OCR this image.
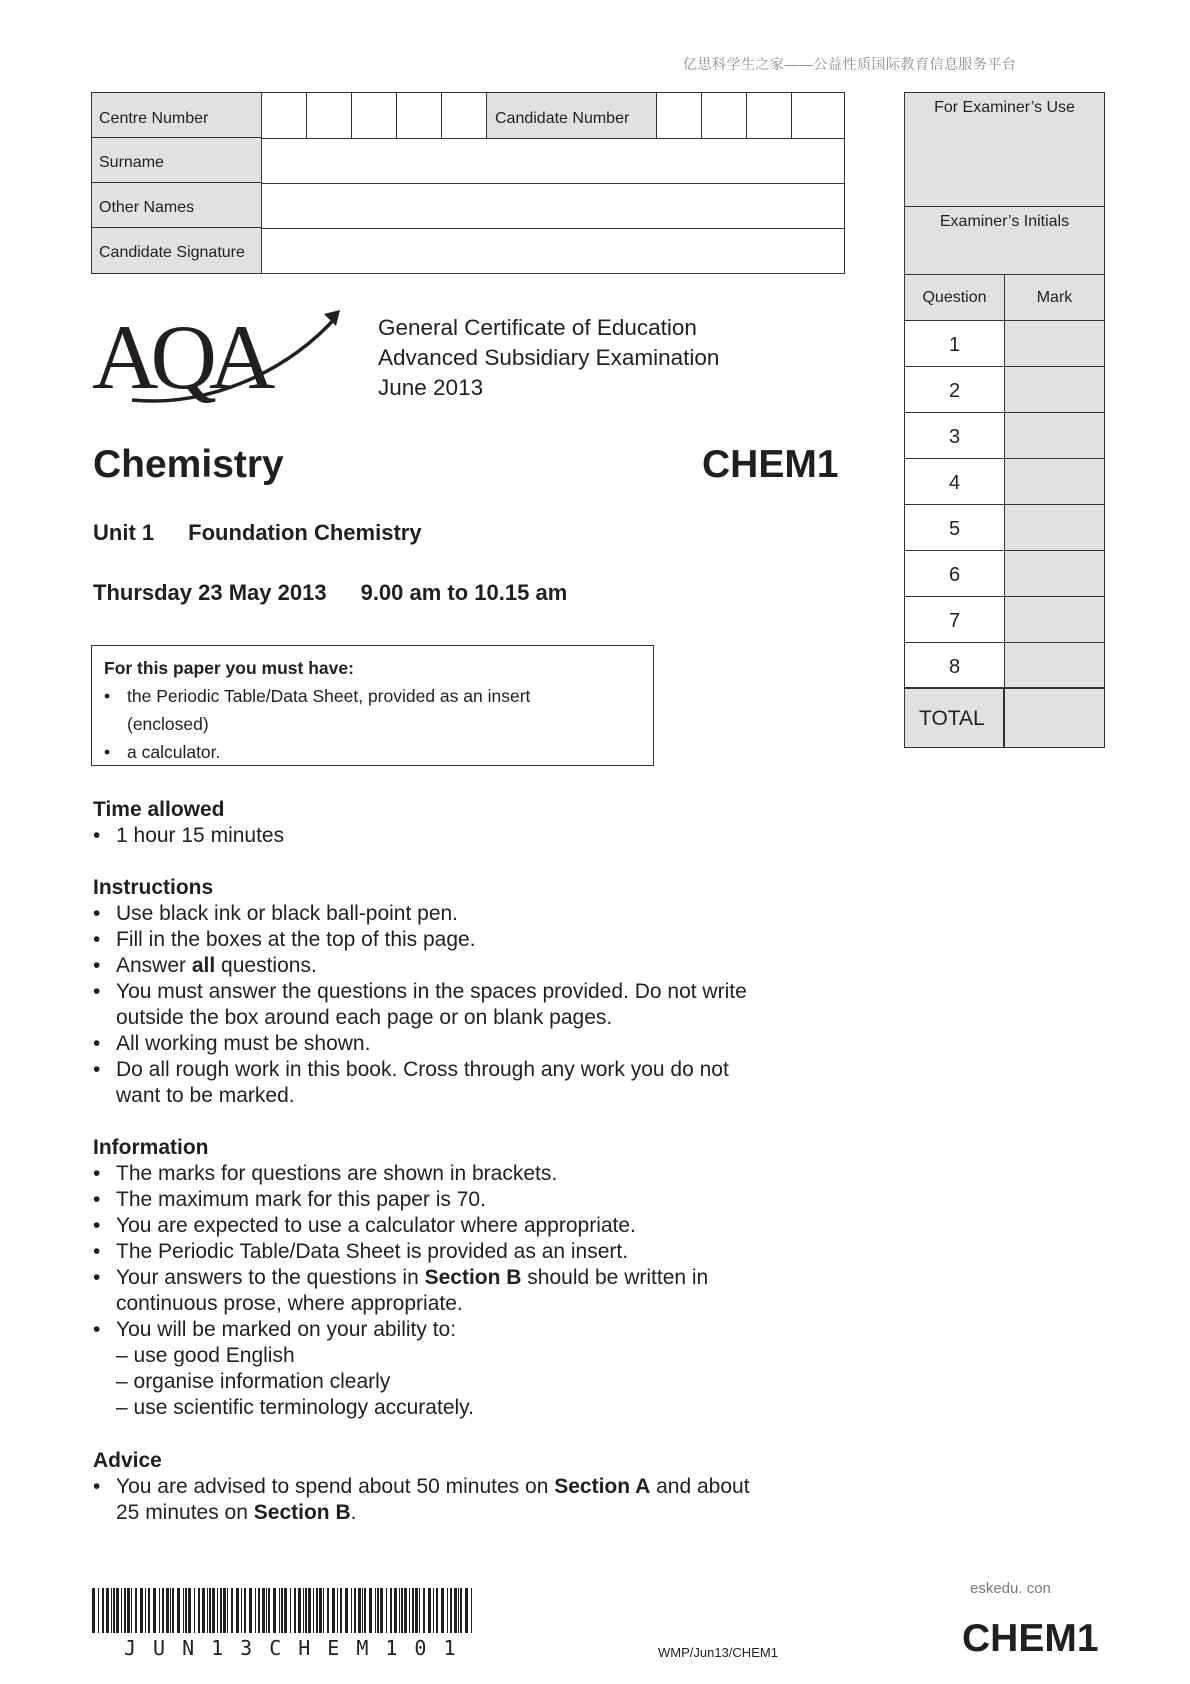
亿思科学生之家——公益性质国际教育信息服务平台
Centre Number	Candidate Number
Surname
Other Names
Candidate Signature
For Examiner’s Use
Examiner’s Initials
Question	Mark
1
2
3
4
5
6
7
8
TOTAL
AQA	General Certificate of Education
Advanced Subsidiary Examination
June 2013
Chemistry	CHEM1
Unit 1 Foundation Chemistry
Thursday 23 May 2013 9.00 am to 10.15 am
For this paper you must have:
• the Periodic Table/Data Sheet, provided as an insert
(enclosed)
• a calculator.
Time allowed
• 1 hour 15 minutes
Instructions
• Use black ink or black ball-point pen.
• Fill in the boxes at the top of this page.
• Answer all questions.
• You must answer the questions in the spaces provided. Do not write
outside the box around each page or on blank pages.
• All working must be shown.
• Do all rough work in this book. Cross through any work you do not
want to be marked.
Information
• The marks for questions are shown in brackets.
• The maximum mark for this paper is 70.
• You are expected to use a calculator where appropriate.
• The Periodic Table/Data Sheet is provided as an insert.
• Your answers to the questions in Section B should be written in
continuous prose, where appropriate.
• You will be marked on your ability to:
– use good English
– organise information clearly
– use scientific terminology accurately.
Advice
• You are advised to spend about 50 minutes on Section A and about
25 minutes on Section B.
JUN13CHEM101	WMP/Jun13/CHEM1
eskedu. con
CHEM1
